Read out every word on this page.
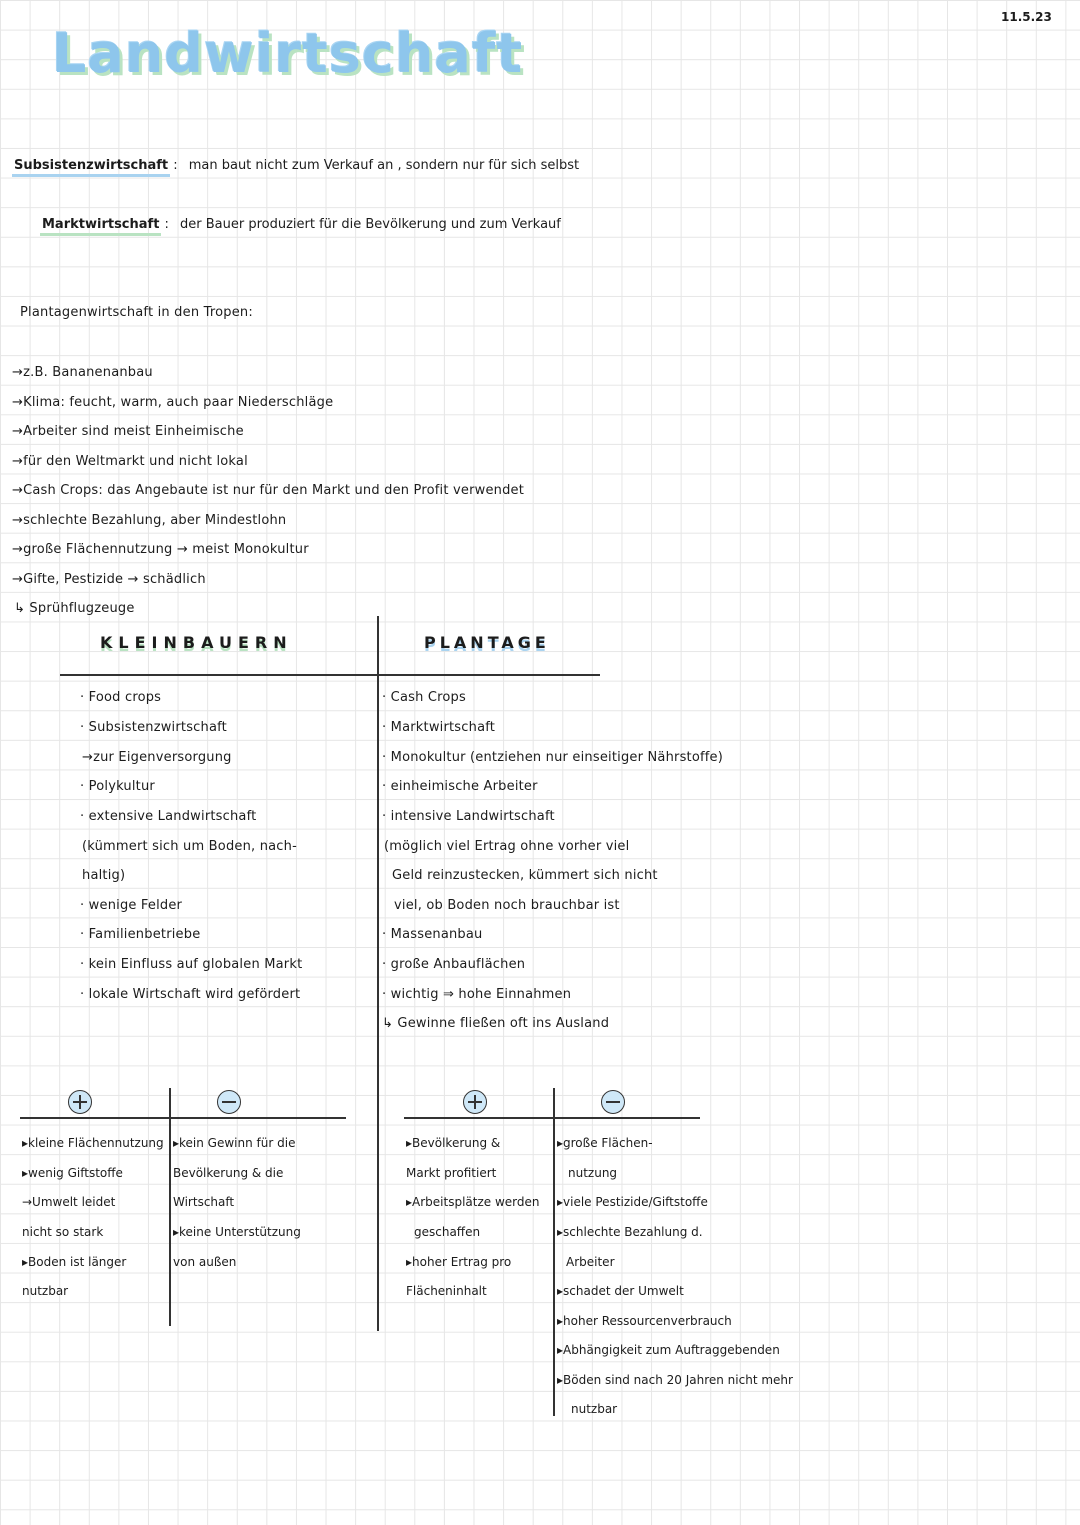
11.5.23
Landwirtschaft
Subsistenzwirtschaft : man baut nicht zum Verkauf an , sondern nur für sich selbst
Marktwirtschaft : der Bauer produziert für die Bevölkerung und zum Verkauf
Plantagenwirtschaft in den Tropen:
→z.B. Bananenanbau
→Klima: feucht, warm, auch paar Niederschläge
→Arbeiter sind meist Einheimische
→für den Weltmarkt und nicht lokal
→Cash Crops: das Angebaute ist nur für den Markt und den Profit verwendet
→schlechte Bezahlung, aber Mindestlohn
→große Flächennutzung → meist Monokultur
→Gifte, Pestizide → schädlich
↳ Sprühflugzeuge
KLEINBAUERN	PLANTAGE
· Food crops
· Subsistenzwirtschaft
→zur Eigenversorgung
· Polykultur
· extensive Landwirtschaft
(kümmert sich um Boden, nach-
haltig)
· wenige Felder
· Familienbetriebe
· kein Einfluss auf globalen Markt
· lokale Wirtschaft wird gefördert
· Cash Crops
· Marktwirtschaft
· Monokultur (entziehen nur einseitiger Nährstoffe)
· einheimische Arbeiter
· intensive Landwirtschaft
(möglich viel Ertrag ohne vorher viel
Geld reinzustecken, kümmert sich nicht
viel, ob Boden noch brauchbar ist
· Massenanbau
· große Anbauflächen
· wichtig ⇒ hohe Einnahmen
↳ Gewinne fließen oft ins Ausland
▸kleine Flächennutzung
▸wenig Giftstoffe
→Umwelt leidet
nicht so stark
▸Boden ist länger
nutzbar
▸kein Gewinn für die
Bevölkerung & die
Wirtschaft
▸keine Unterstützung
von außen
▸Bevölkerung &
Markt profitiert
▸Arbeitsplätze werden
geschaffen
▸hoher Ertrag pro
Flächeninhalt
▸große Flächen-
nutzung
▸viele Pestizide/Giftstoffe
▸schlechte Bezahlung d.
Arbeiter
▸schadet der Umwelt
▸hoher Ressourcenverbrauch
▸Abhängigkeit zum Auftraggebenden
▸Böden sind nach 20 Jahren nicht mehr
nutzbar
